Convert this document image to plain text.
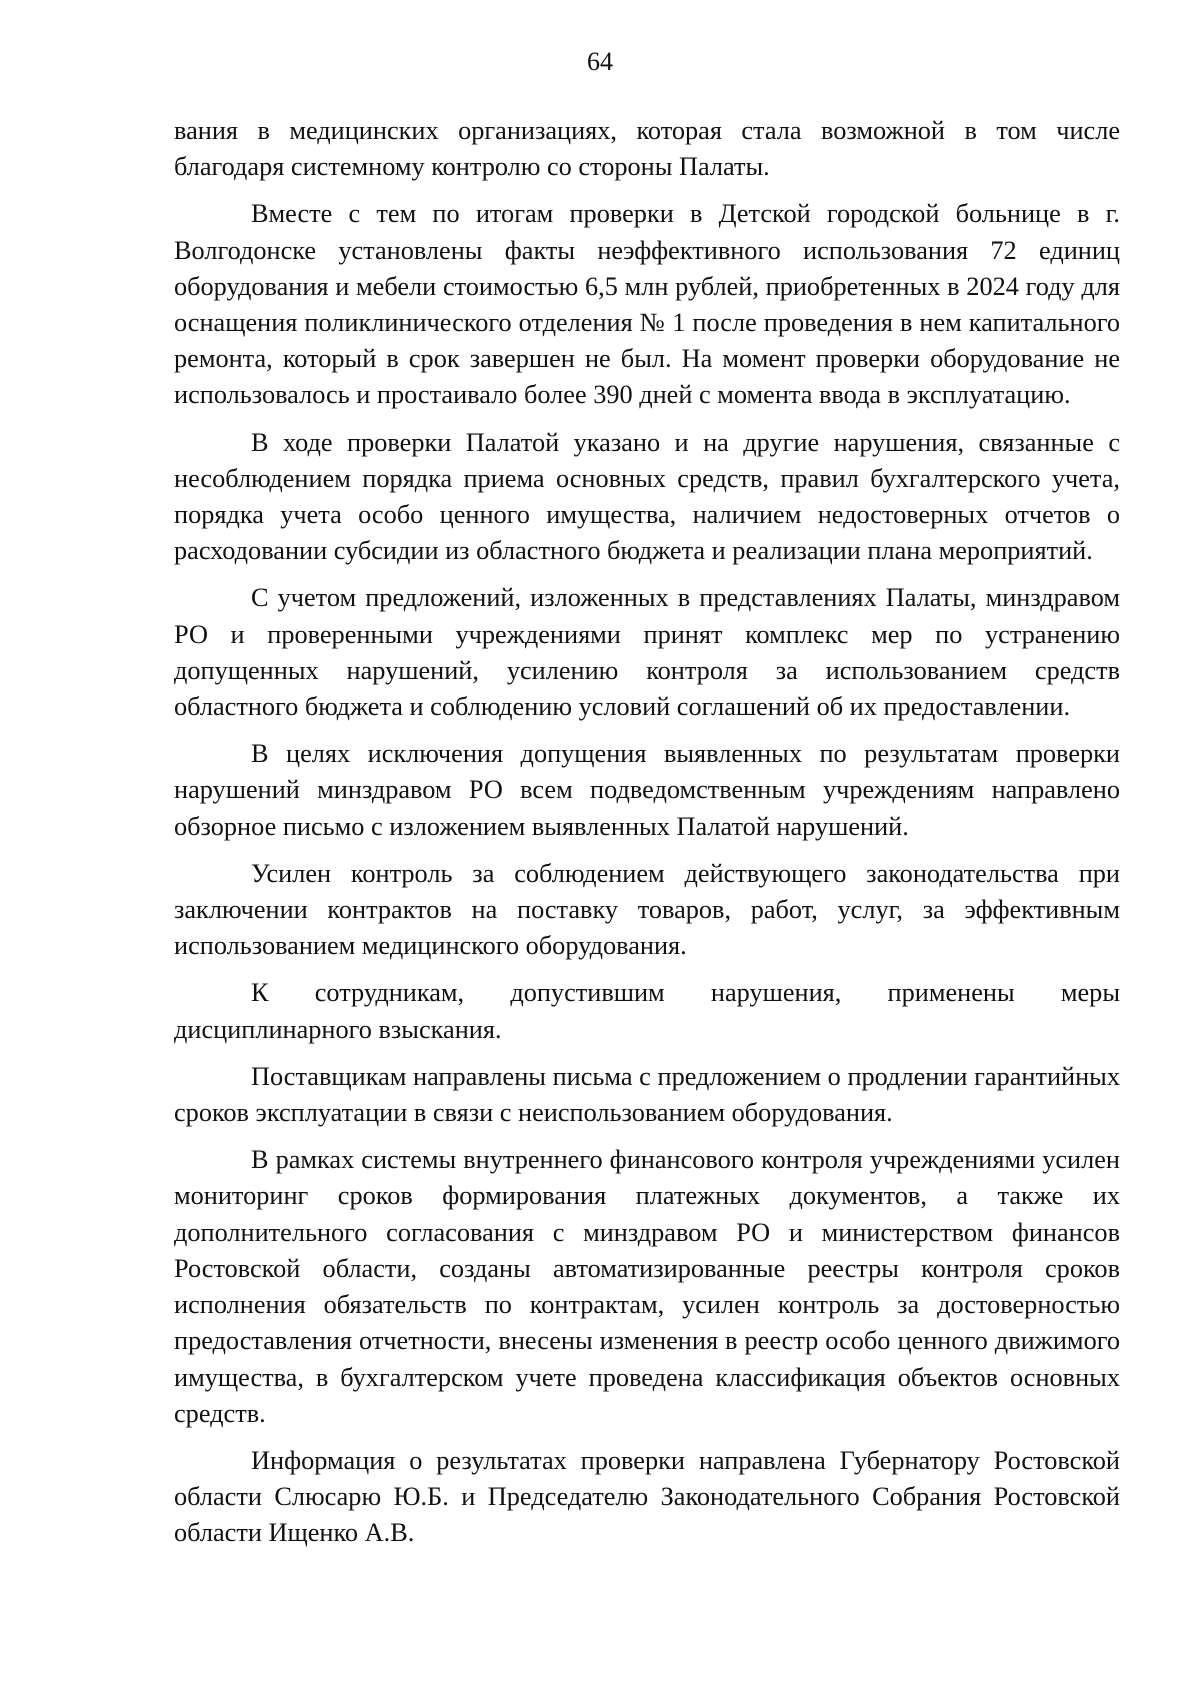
64

вания в медицинских организациях, которая стала возможной в том числе благодаря системному контролю со стороны Палаты.

Вместе с тем по итогам проверки в Детской городской больнице в г. Волгодонске установлены факты неэффективного использования 72 единиц оборудования и мебели стоимостью 6,5 млн рублей, приобретенных в 2024 году для оснащения поликлинического отделения № 1 после проведения в нем капитального ремонта, который в срок завершен не был. На момент проверки оборудование не использовалось и простаивало более 390 дней с момента ввода в эксплуатацию.

В ходе проверки Палатой указано и на другие нарушения, связанные с несоблюдением порядка приема основных средств, правил бухгалтерского учета, порядка учета особо ценного имущества, наличием недостоверных отчетов о расходовании субсидии из областного бюджета и реализации плана мероприятий.

С учетом предложений, изложенных в представлениях Палаты, минздравом РО и проверенными учреждениями принят комплекс мер по устранению допущенных нарушений, усилению контроля за использованием средств областного бюджета и соблюдению условий соглашений об их предоставлении.

В целях исключения допущения выявленных по результатам проверки нарушений минздравом РО всем подведомственным учреждениям направлено обзорное письмо с изложением выявленных Палатой нарушений.

Усилен контроль за соблюдением действующего законодательства при заключении контрактов на поставку товаров, работ, услуг, за эффективным использованием медицинского оборудования.

К сотрудникам, допустившим нарушения, применены меры дисциплинарного взыскания.

Поставщикам направлены письма с предложением о продлении гарантийных сроков эксплуатации в связи с неиспользованием оборудования.

В рамках системы внутреннего финансового контроля учреждениями усилен мониторинг сроков формирования платежных документов, а также их дополнительного согласования с минздравом РО и министерством финансов Ростовской области, созданы автоматизированные реестры контроля сроков исполнения обязательств по контрактам, усилен контроль за достоверностью предоставления отчетности, внесены изменения в реестр особо ценного движимого имущества, в бухгалтерском учете проведена классификация объектов основных средств.

Информация о результатах проверки направлена Губернатору Ростовской области Слюсарю Ю.Б. и Председателю Законодательного Собрания Ростовской области Ищенко А.В.
